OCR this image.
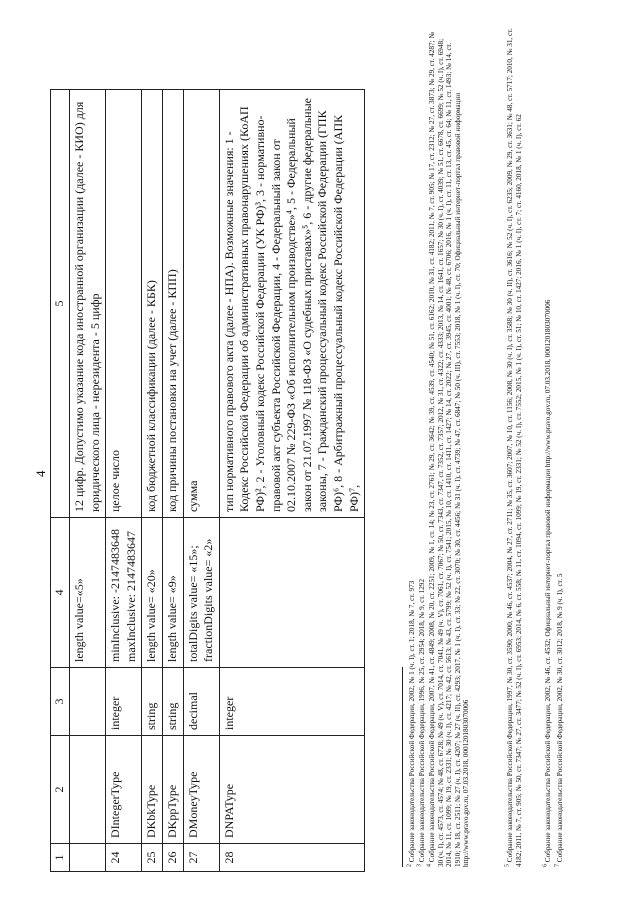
4
1	2	3	4	5
			length value=«5»	12 цифр. Допустимо указание кода иностранной организации (далее - КИО) для юридического лица - нерезидента - 5 цифр
24	DIntegerType	integer	minInclusive: -2147483648 maxInclusive: 2147483647	целое число
25	DKbkType	string	length value= «20»	код бюджетной классификации (далее - КБК)
26	DKppType	string	length value= «9»	код причины постановки на учет (далее - КПП)
27	DMoneyType	decimal	totalDigits value= «15»; fractionDigits value= «2»	сумма
28	DNPAType	integer		тип нормативного правового акта (далее - НПА). Возможные значения: 1 - Кодекс Российской Федерации об административных правонарушениях (КоАП РФ)², 2 - Уголовный кодекс Российской Федерации (УК РФ)³, 3 - нормативно-правовой акт субъекта Российской Федерации, 4 - Федеральный закон от 02.10.2007 № 229-ФЗ «Об исполнительном производстве»⁴, 5 - Федеральный закон от 21.07.1997 № 118-ФЗ «О судебных приставах»⁵, 6 - другие федеральные законы, 7 - Гражданский процессуальный кодекс Российской Федерации (ГПК РФ)⁶, 8 - Арбитражный процессуальный кодекс Российской Федерации (АПК РФ)⁷,
$^2$ Собрание законодательства Российской Федерации, 2002, № 1 (ч. I), ст. 1; 2018, № 7, ст. 973
$^3$ Собрание законодательства Российской Федерации, 1996, № 25, ст. 2954; 2018, № 9, ст. 1292
$^4$ Собрание законодательства Российской Федерации, 2007, № 41, ст. 4849; 2008, № 20, ст. 2251; 2009, № 1, ст. 14; № 23, ст. 2761; № 29, ст. 3642; № 39, ст. 4539, ст. 4540; № 51, ст. 6162; 2010, № 31, ст. 4182; 2011, № 7, ст. 905; № 17, ст. 2312; № 27, ст. 3873; № 29, ст. 4287; № 30 (ч. I), ст. 4573, ст. 4574; № 48, ст. 6728; № 49 (ч. V), ст. 7014, ст. 7041, № 49 (ч. V), ст. 7061, ст. 7067; № 50, ст. 7343, ст. 7347, ст. 7352, ст. 7357; 2012, № 31, ст. 4322; ст. 4333; 2013, № 14, ст. 1641, ст. 1657; № 30 (ч. I), ст. 4039; № 51, ст. 6678, ст. 6699; № 52 (ч. I), ст. 6948; 2014, № 11, ст. 1099; № 19, ст. 2331; № 30 (ч. I), ст. 4217; № 42, ст. 5613; № 43, ст. 5799; № 52 (ч. I), ст. 7541; 2015, № 10, ст. 1410, ст. 1411, ст. 1427; № 14, ст. 2022; № 27, ст. 3945, ст. 4001; № 48, ст. 6706; 2016, № 1 (ч. I), ст. 11, ст. 13, ст. 45, ст. 64; № 11, ст. 1493; № 14, ст. 1910; № 18, ст. 2511; № 27 (ч. I), ст. 4207; № 27 (ч. II), ст. 4293; 2017, № 1 (ч. I), ст. 33; № 22, ст. 3070; № 30, ст. 4456; № 31 (ч. I), ст. 4739; № 47, ст. 6847; № 50 (ч. III), ст. 7553; 2018, № 1 (ч. I), ст. 70; Официальный интернет-портал правовой информации http://www.pravo.gov.ru, 07.03.2018, 0001201803070006	$^5$ Собрание законодательства Российской Федерации, 1997, № 30, ст. 3590; 2000, № 46, ст. 4537; 2004, № 27, ст. 2711; № 35, ст. 3607; 2007, № 10, ст. 1156; 2008, № 30 (ч. I), ст. 3588; № 30 (ч. II), ст. 3616; № 52 (ч. I), ст. 6235; 2009, № 29, ст. 3631; № 48, ст. 5717; 2010, № 31, ст. 4182; 2011, № 7, ст. 905; № 50, ст. 7347; № 27, ст. 3477; № 52 (ч. I), ст. 6953; 2014, № 6, ст. 558; № 11, ст. 1094, ст. 1099; № 19, ст. 2331; № 52 (ч. I), ст. 7552; 2015, № 1 (ч. I), ст. 51; № 10, ст. 1427; 2016, № 1 (ч. I), ст. 7; ст. 4160, 2018, № 1 (ч. I), ст. 62	$^6$ Собрание законодательства Российской Федерации, 2002, № 46, ст. 4532; Официальный интернет-портал правовой информации http://www.pravo.gov.ru, 07.03.2018, 0001201803070006
$^7$ Собрание законодательства Российской Федерации, 2002, № 30, ст. 3012; 2018, № 9 (ч. I), ст. 5
